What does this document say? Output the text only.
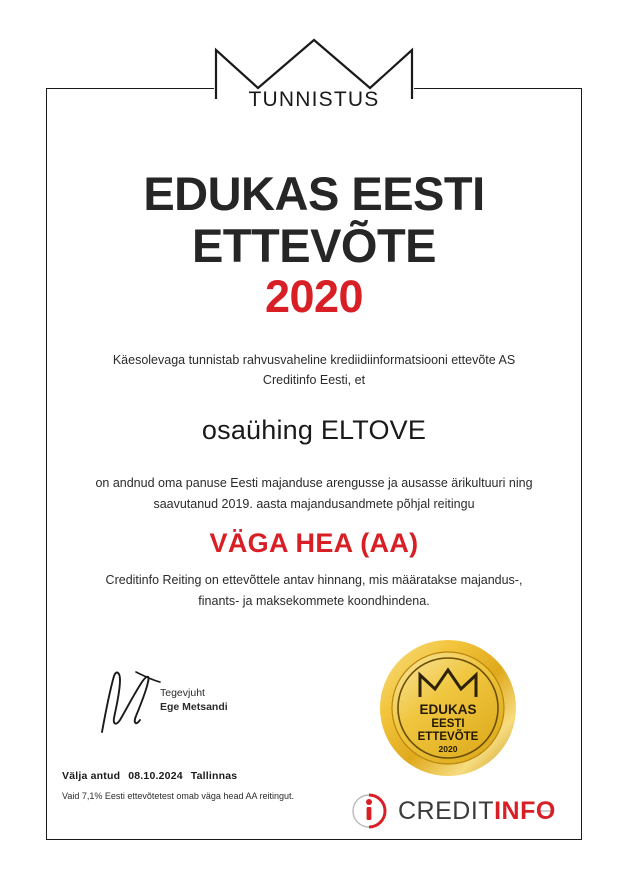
TUNNISTUS
EDUKAS EESTI
ETTEVÕTE
2020
Käesolevaga tunnistab rahvusvaheline krediidiinformatsiooni ettevõte AS Creditinfo Eesti, et
osaühing ELTOVE
on andnud oma panuse Eesti majanduse arengusse ja ausasse ärikultuuri ning saavutanud 2019. aasta majandusandmete põhjal reitingu
VÄGA HEA (AA)
Creditinfo Reiting on ettevõttele antav hinnang, mis määratakse majandus-, finants- ja maksekommete koondhindena.
Tegevjuht
Ege Metsandi
Välja antud 08.10.2024 Tallinnas
Vaid 7,1% Eesti ettevõtetest omab väga head AA reitingut.
EDUKAS
EESTI
ETTEVÕTE
2020
CREDITINFO
